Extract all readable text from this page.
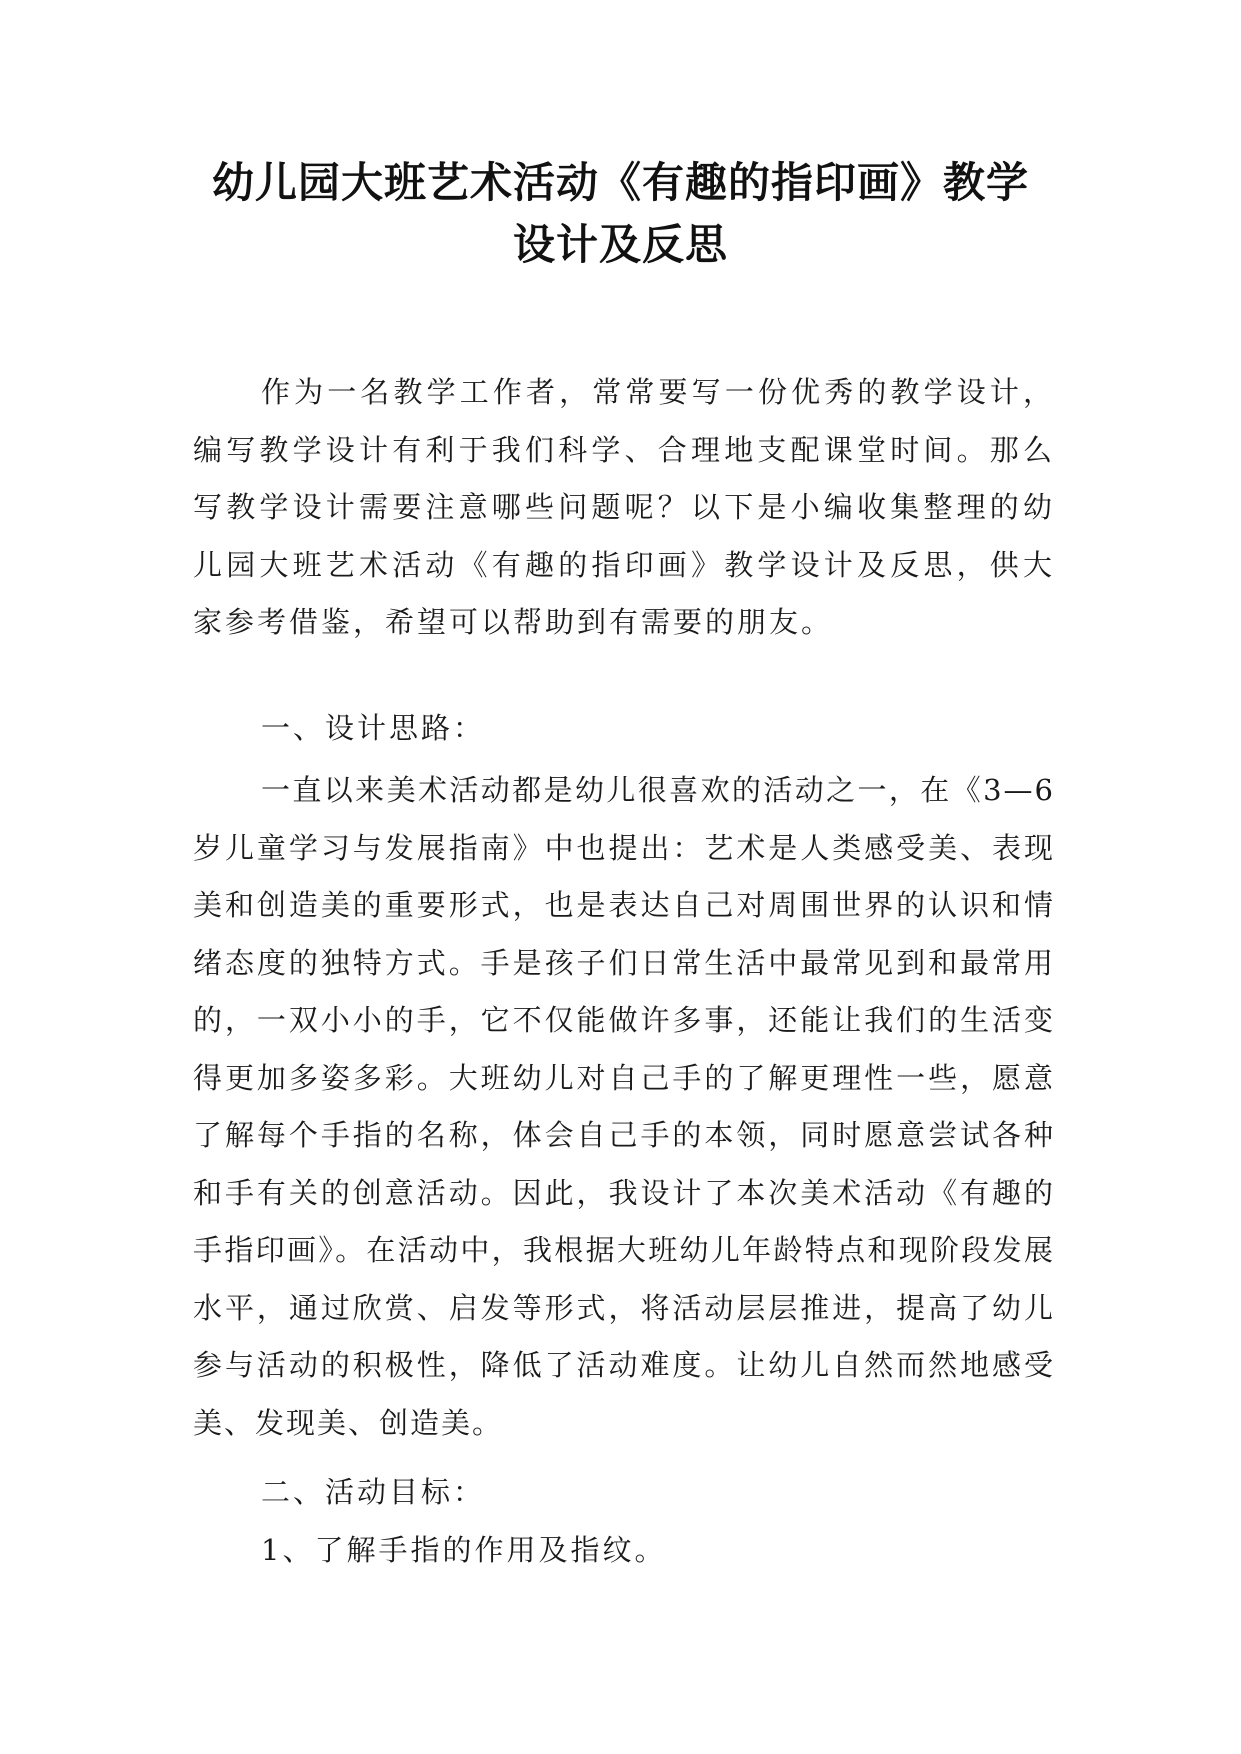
幼儿园大班艺术活动《有趣的指印画》教学
设计及反思

作为一名教学工作者，常常要写一份优秀的教学设计，编写教学设计有利于我们科学、合理地支配课堂时间。那么写教学设计需要注意哪些问题呢？以下是小编收集整理的幼儿园大班艺术活动《有趣的指印画》教学设计及反思，供大家参考借鉴，希望可以帮助到有需要的朋友。

一、设计思路：

一直以来美术活动都是幼儿很喜欢的活动之一，在《3—6岁儿童学习与发展指南》中也提出：艺术是人类感受美、表现美和创造美的重要形式，也是表达自己对周围世界的认识和情绪态度的独特方式。手是孩子们日常生活中最常见到和最常用的，一双小小的手，它不仅能做许多事，还能让我们的生活变得更加多姿多彩。大班幼儿对自己手的了解更理性一些，愿意了解每个手指的名称，体会自己手的本领，同时愿意尝试各种和手有关的创意活动。因此，我设计了本次美术活动《有趣的手指印画》。在活动中，我根据大班幼儿年龄特点和现阶段发展水平，通过欣赏、启发等形式，将活动层层推进，提高了幼儿参与活动的积极性，降低了活动难度。让幼儿自然而然地感受美、发现美、创造美。

二、活动目标：
1、了解手指的作用及指纹。
